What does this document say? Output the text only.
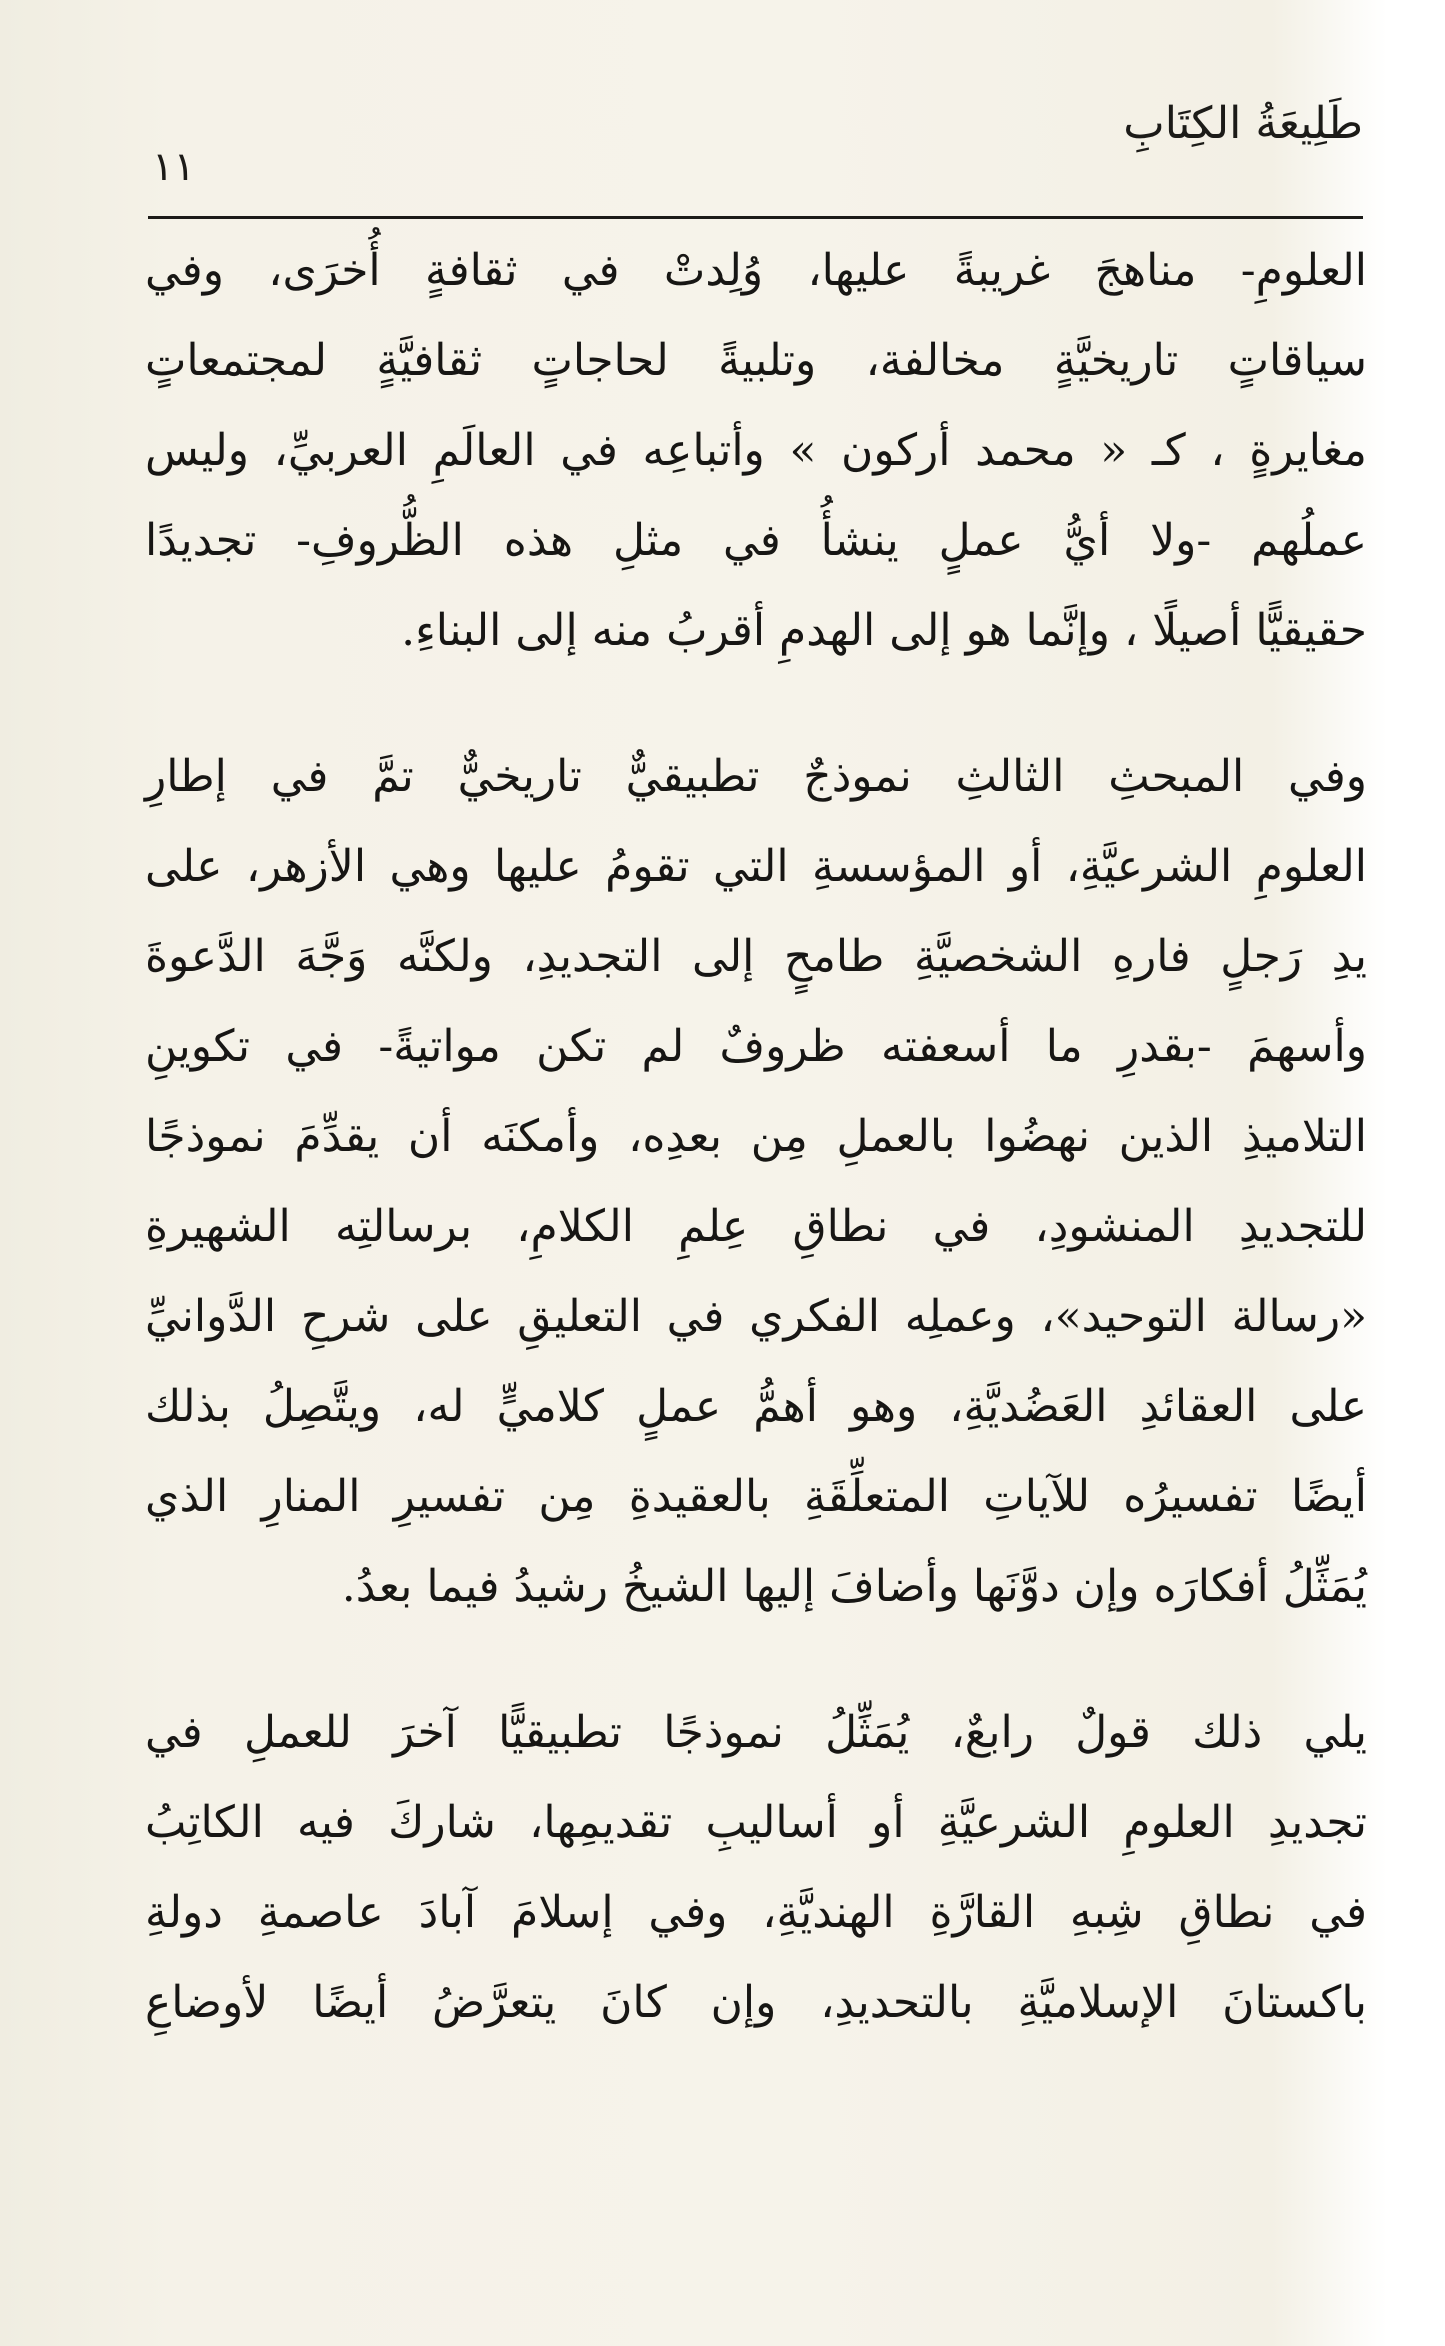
طَلِيعَةُ الكِتَابِ
١١
العلومِ- مناهجَ غريبةً عليها، وُلِدتْ في ثقافةٍ أُخرَى، وفي
سياقاتٍ تاريخيَّةٍ مخالفة، وتلبيةً لحاجاتٍ ثقافيَّةٍ لمجتمعاتٍ
مغايرةٍ ، كـ « محمد أركون » وأتباعِه في العالَمِ العربيِّ، وليس
عملُهم -ولا أيُّ عملٍ ينشأُ في مثلِ هذه الظُّروفِ- تجديدًا
حقيقيًّا أصيلًا ، وإنَّما هو إلى الهدمِ أقربُ منه إلى البناءِ.
وفي المبحثِ الثالثِ نموذجٌ تطبيقيٌّ تاريخيٌّ تمَّ في إطارِ
العلومِ الشرعيَّةِ، أو المؤسسةِ التي تقومُ عليها وهي الأزهر، على
يدِ رَجلٍ فارهِ الشخصيَّةِ طامحٍ إلى التجديدِ، ولكنَّه وَجَّهَ الدَّعوةَ
وأسهمَ -بقدرِ ما أسعفته ظروفٌ لم تكن مواتيةً- في تكوينِ
التلاميذِ الذين نهضُوا بالعملِ مِن بعدِه، وأمكنَه أن يقدِّمَ نموذجًا
للتجديدِ المنشودِ، في نطاقِ عِلمِ الكلامِ، برسالتِه الشهيرةِ
«رسالة التوحيد»، وعملِه الفكري في التعليقِ على شرحِ الدَّوانيِّ
على العقائدِ العَضُديَّةِ، وهو أهمُّ عملٍ كلاميٍّ له، ويتَّصِلُ بذلك
أيضًا تفسيرُه للآياتِ المتعلِّقَةِ بالعقيدةِ مِن تفسيرِ المنارِ الذي
يُمَثِّلُ أفكارَه وإن دوَّنَها وأضافَ إليها الشيخُ رشيدُ فيما بعدُ.
يلي ذلك قولٌ رابعٌ، يُمَثِّلُ نموذجًا تطبيقيًّا آخرَ للعملِ في
تجديدِ العلومِ الشرعيَّةِ أو أساليبِ تقديمِها، شاركَ فيه الكاتِبُ
في نطاقِ شِبهِ القارَّةِ الهنديَّةِ، وفي إسلامَ آبادَ عاصمةِ دولةِ
باكستانَ الإسلاميَّةِ بالتحديدِ، وإن كانَ يتعرَّضُ أيضًا لأوضاعِ
